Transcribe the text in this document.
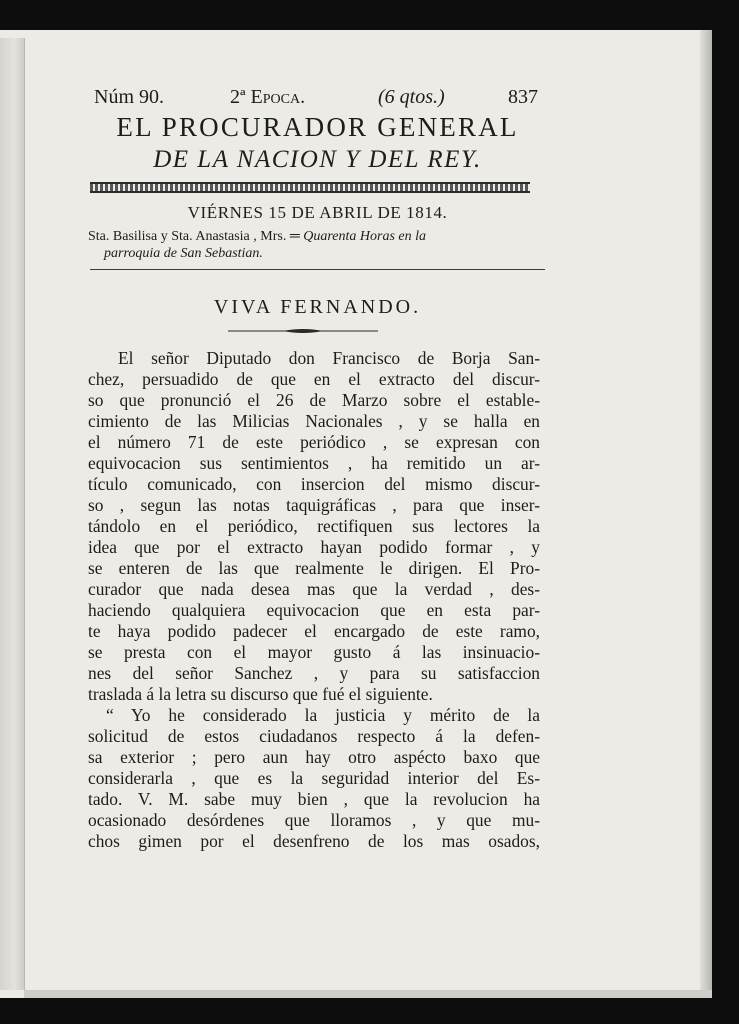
Núm 90.	2ª Epoca.	(6 qtos.)	837
EL PROCURADOR GENERAL
DE LA NACION Y DEL REY.
VIÉRNES 15 DE ABRIL DE 1814.
Sta. Basilisa y Sta. Anastasia , Mrs. ═ Quarenta Horas en la
parroquia de San Sebastian.
VIVA FERNANDO.
El señor Diputado don Francisco de Borja San-
chez, persuadido de que en el extracto del discur-
so que pronunció el 26 de Marzo sobre el estable-
cimiento de las Milicias Nacionales , y se halla en
el número 71 de este periódico , se expresan con
equivocacion sus sentimientos , ha remitido un ar-
tículo comunicado, con insercion del mismo discur-
so , segun las notas taquigráficas , para que inser-
tándolo en el periódico, rectifiquen sus lectores la
idea que por el extracto hayan podido formar , y
se enteren de las que realmente le dirigen. El Pro-
curador que nada desea mas que la verdad , des-
haciendo qualquiera equivocacion que en esta par-
te haya podido padecer el encargado de este ramo,
se presta con el mayor gusto á las insinuacio-
nes del señor Sanchez , y para su satisfaccion
traslada á la letra su discurso que fué el siguiente.
“ Yo he considerado la justicia y mérito de la
solicitud de estos ciudadanos respecto á la defen-
sa exterior ; pero aun hay otro aspécto baxo que
considerarla , que es la seguridad interior del Es-
tado. V. M. sabe muy bien , que la revolucion ha
ocasionado desórdenes que lloramos , y que mu-
chos gimen por el desenfreno de los mas osados,
